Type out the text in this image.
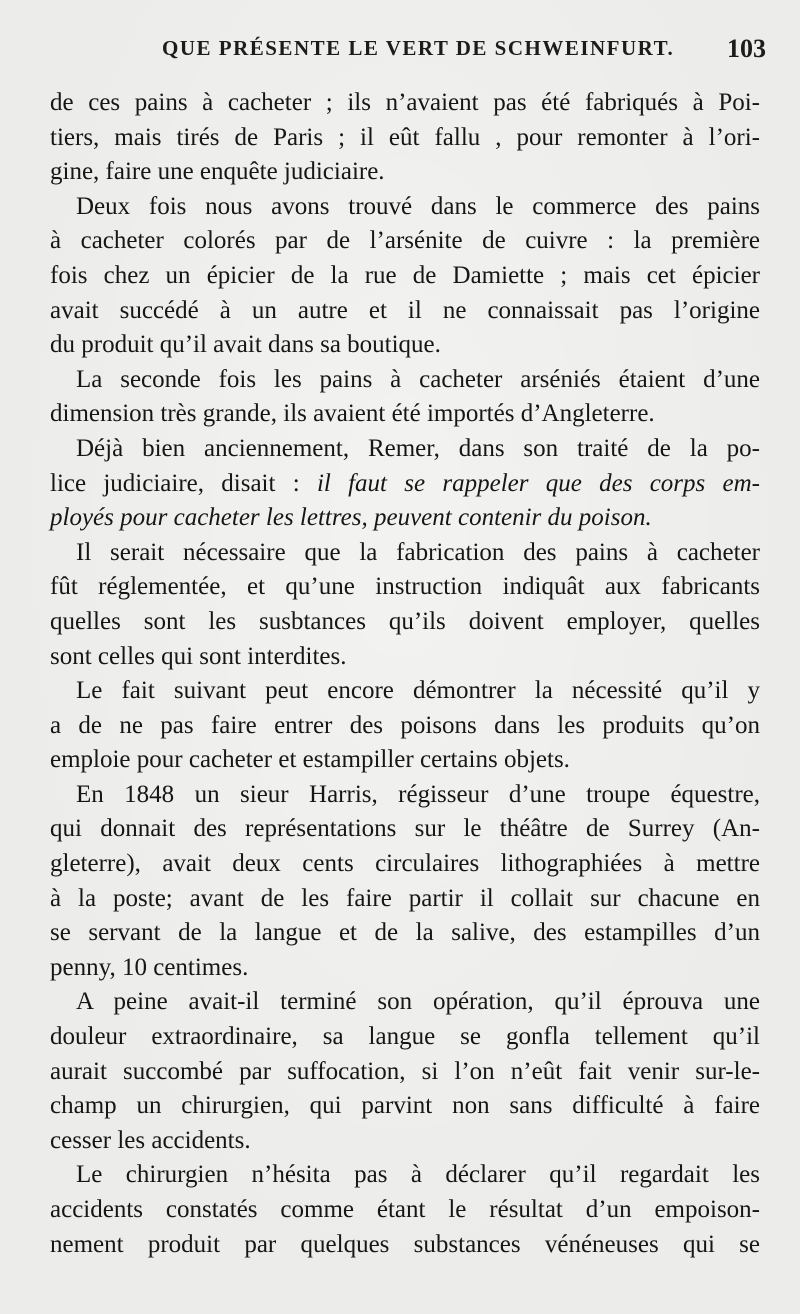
QUE PRÉSENTE LE VERT DE SCHWEINFURT. 103
de ces pains à cacheter ; ils n’avaient pas été fabriqués à Poi-
tiers, mais tirés de Paris ; il eût fallu , pour remonter à l’ori-
gine, faire une enquête judiciaire.
Deux fois nous avons trouvé dans le commerce des pains
à cacheter colorés par de l’arsénite de cuivre : la première
fois chez un épicier de la rue de Damiette ; mais cet épicier
avait succédé à un autre et il ne connaissait pas l’origine
du produit qu’il avait dans sa boutique.
La seconde fois les pains à cacheter arséniés étaient d’une
dimension très grande, ils avaient été importés d’Angleterre.
Déjà bien anciennement, Remer, dans son traité de la po-
lice judiciaire, disait : il faut se rappeler que des corps em-
ployés pour cacheter les lettres, peuvent contenir du poison.
Il serait nécessaire que la fabrication des pains à cacheter
fût réglementée, et qu’une instruction indiquât aux fabricants
quelles sont les susbtances qu’ils doivent employer, quelles
sont celles qui sont interdites.
Le fait suivant peut encore démontrer la nécessité qu’il y
a de ne pas faire entrer des poisons dans les produits qu’on
emploie pour cacheter et estampiller certains objets.
En 1848 un sieur Harris, régisseur d’une troupe équestre,
qui donnait des représentations sur le théâtre de Surrey (An-
gleterre), avait deux cents circulaires lithographiées à mettre
à la poste; avant de les faire partir il collait sur chacune en
se servant de la langue et de la salive, des estampilles d’un
penny, 10 centimes.
A peine avait-il terminé son opération, qu’il éprouva une
douleur extraordinaire, sa langue se gonfla tellement qu’il
aurait succombé par suffocation, si l’on n’eût fait venir sur-le-
champ un chirurgien, qui parvint non sans difficulté à faire
cesser les accidents.
Le chirurgien n’hésita pas à déclarer qu’il regardait les
accidents constatés comme étant le résultat d’un empoison-
nement produit par quelques substances vénéneuses qui se
